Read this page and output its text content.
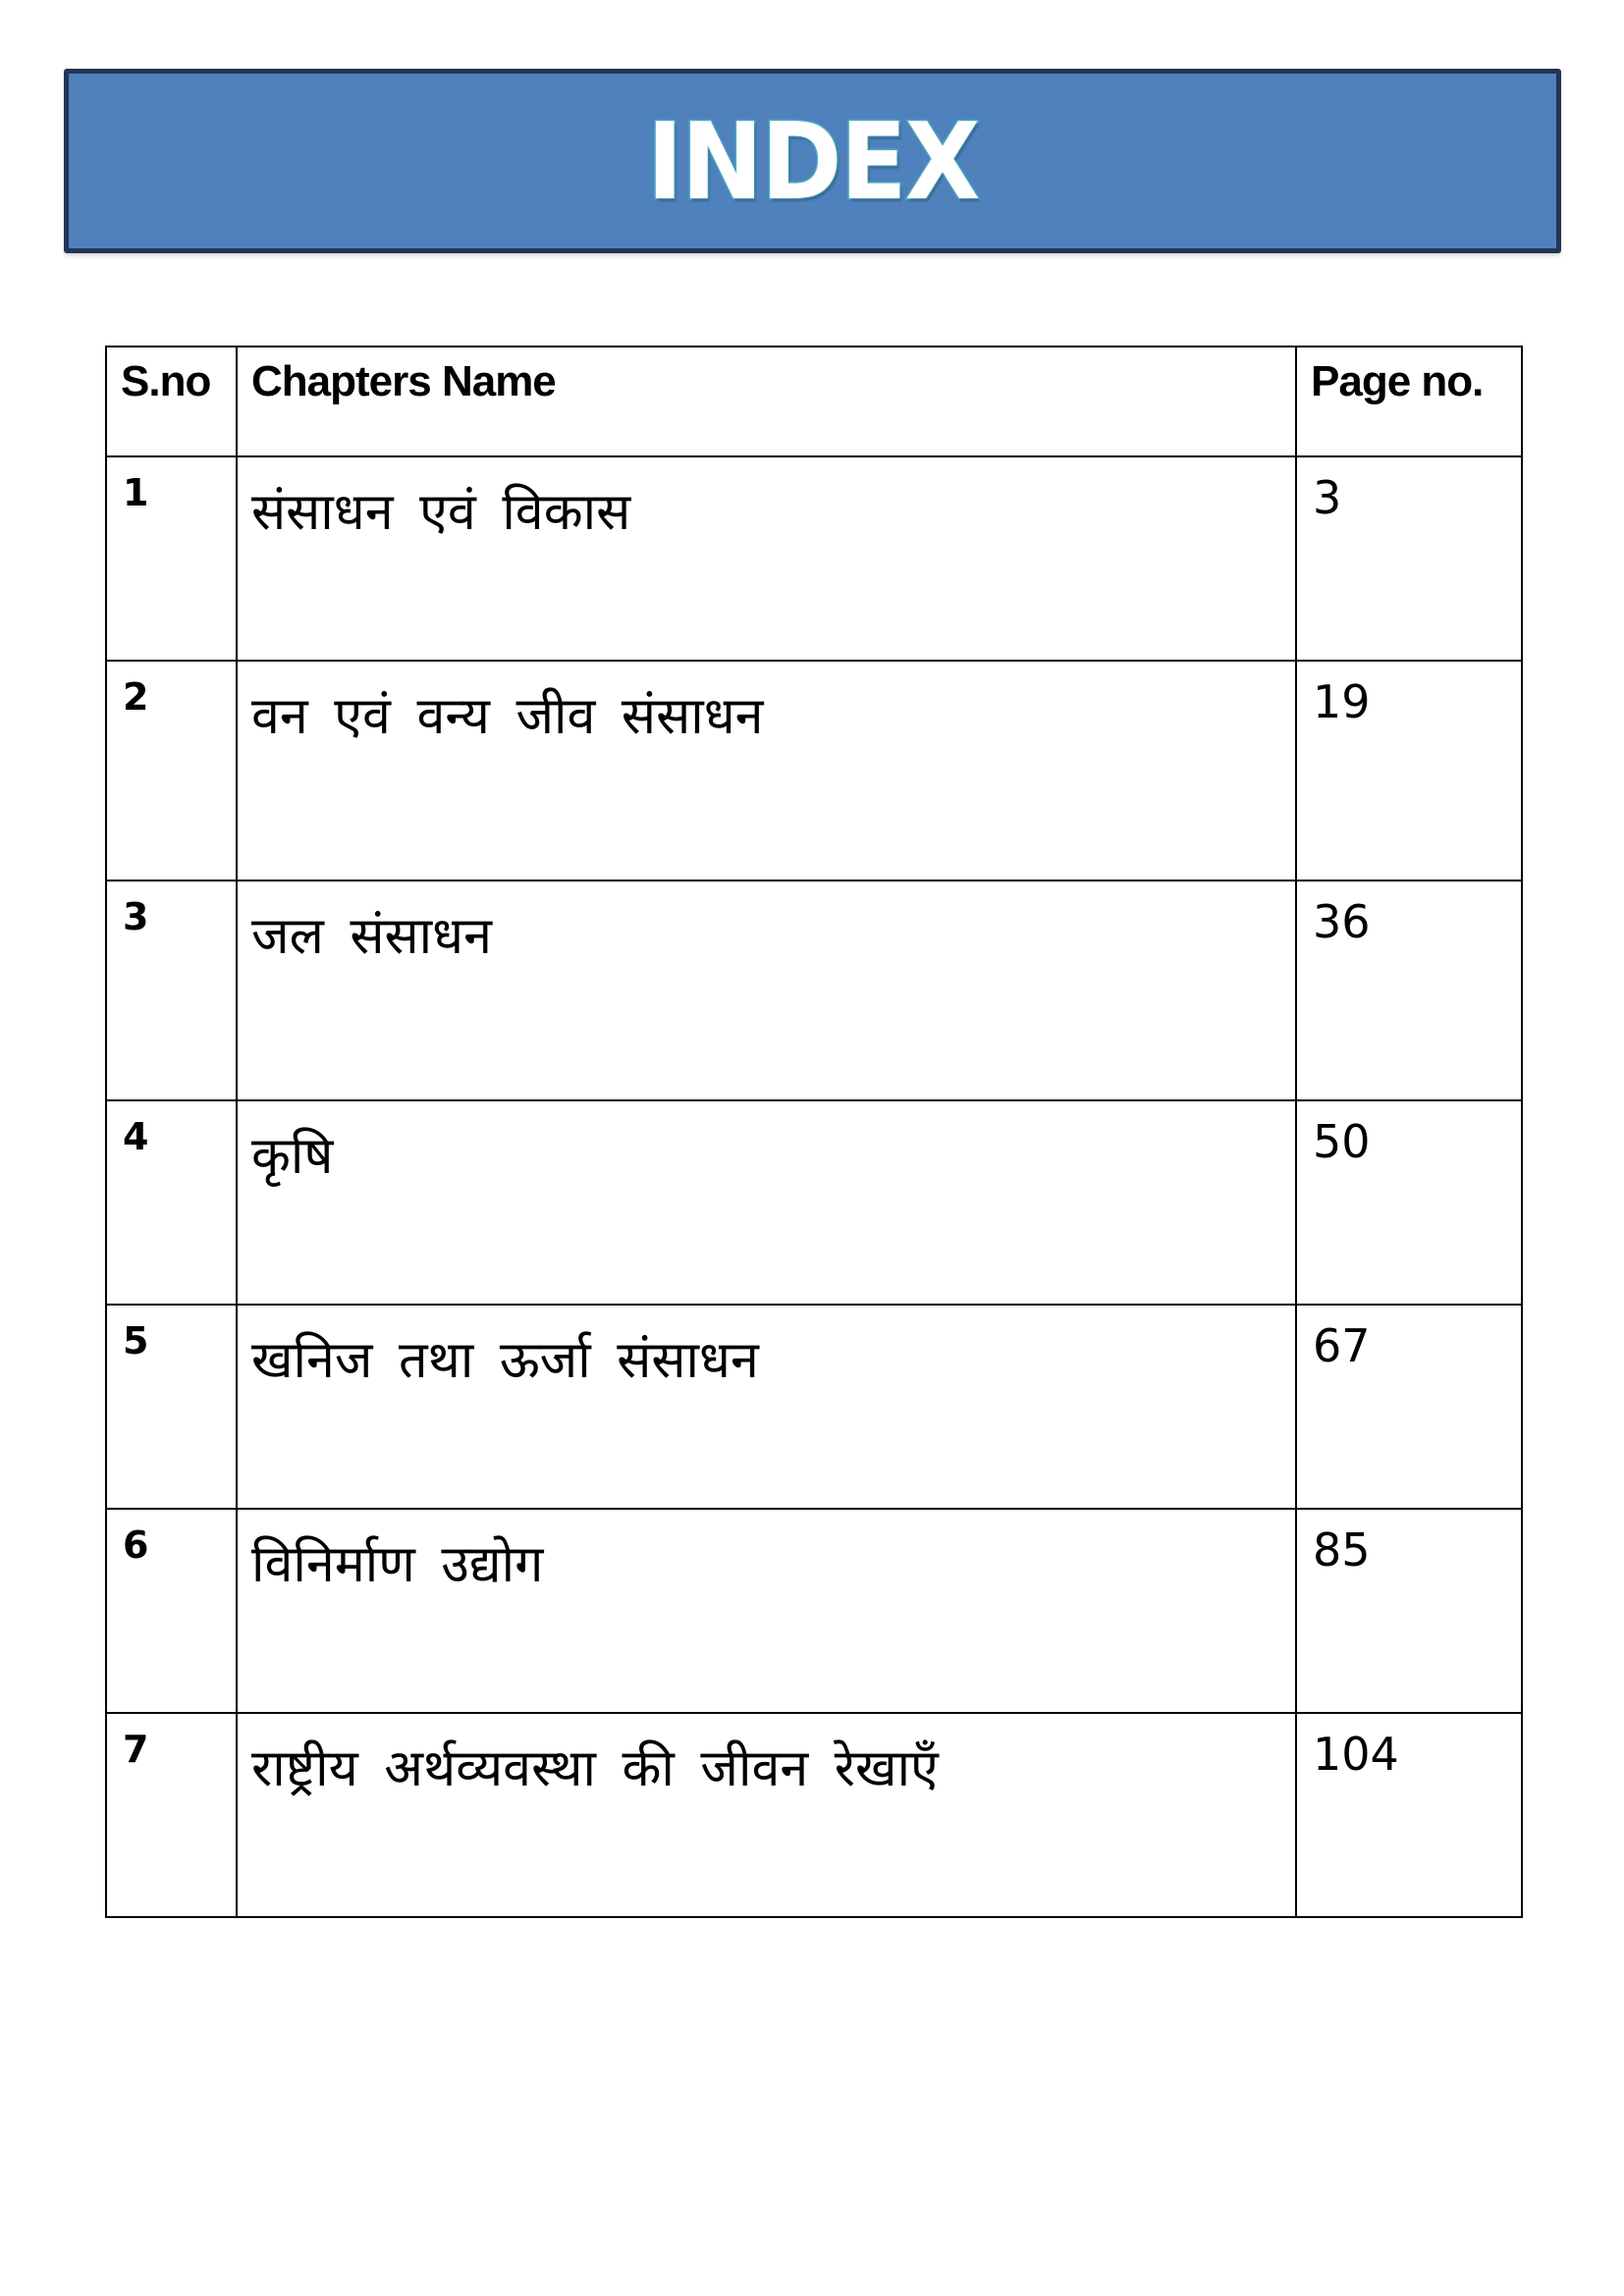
INDEX
S.no	Chapters Name	Page no.
1	संसाधन एवं विकास	3
2	वन एवं वन्य जीव संसाधन	19
3	जल संसाधन	36
4	कृषि	50
5	खनिज तथा ऊर्जा संसाधन	67
6	विनिर्माण उद्योग	85
7	राष्ट्रीय अर्थव्यवस्था की जीवन रेखाएँ	104
